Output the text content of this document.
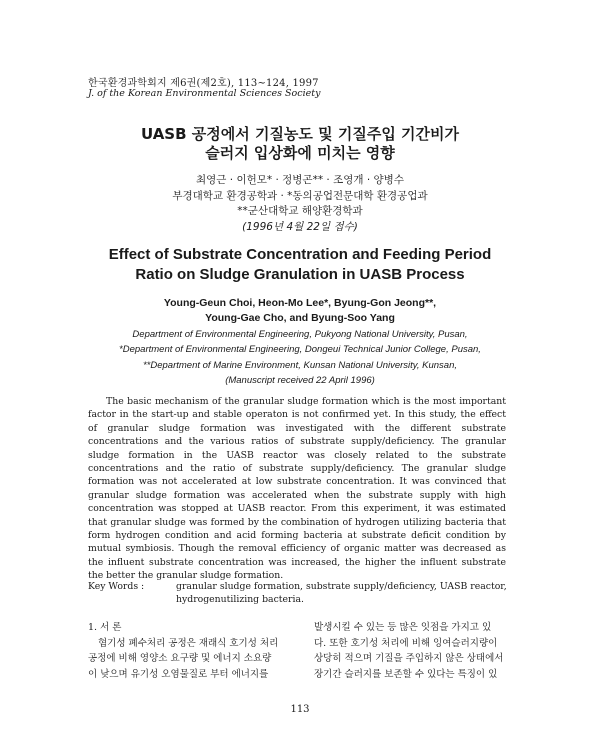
한국환경과학회지 제6권(제2호), 113∼124, 1997
J. of the Korean Environmental Sciences Society
UASB 공정에서 기질농도 및 기질주입 기간비가
슬러지 입상화에 미치는 영향
최영근 · 이헌모* · 정병곤** · 조영개 · 양병수
부경대학교 환경공학과 · *동의공업전문대학 환경공업과
**군산대학교 해양환경학과
(1996년 4월 22일 접수)
Effect of Substrate Concentration and Feeding Period
Ratio on Sludge Granulation in UASB Process
Young-Geun Choi, Heon-Mo Lee*, Byung-Gon Jeong**,
Young-Gae Cho, and Byung-Soo Yang
Department of Environmental Engineering, Pukyong National University, Pusan,
*Department of Environmental Engineering, Dongeui Technical Junior College, Pusan,
**Department of Marine Environment, Kunsan National University, Kunsan,
(Manuscript received 22 April 1996)

The basic mechanism of the granular sludge formation which is the most important factor in the start-up and stable operaton is not confirmed yet. In this study, the effect of granular sludge formation was investigated with the different substrate concentrations and the various ratios of substrate supply/deficiency. The granular sludge formation in the UASB reactor was closely related to the substrate concentrations and the ratio of substrate supply/deficiency. The granular sludge formation was not accelerated at low substrate concentration. It was convinced that granular sludge formation was accelerated when the substrate supply with high concentration was stopped at UASB reactor. From this experiment, it was estimated that granular sludge was formed by the combination of hydrogen utilizing bacteria that form hydrogen condition and acid forming bacteria at substrate deficit condition by mutual symbiosis. Though the removal efficiency of organic matter was decreased as the influent substrate concentration was increased, the higher the influent substrate the better the granular sludge formation.

Key Words :	granular sludge formation, substrate supply/deficiency, UASB reactor, hydrogenutilizing bacteria.

1. 서 론

혐기성 폐수처리 공정은 재래식 호기성 처리

공정에 비해 영양소 요구량 및 에너지 소요량

이 낮으며 유기성 오염물질로 부터 에너지를

발생시킬 수 있는 등 많은 잇점을 가지고 있

다. 또한 호기성 처리에 비해 잉여슬러지량이

상당히 적으며 기질을 주입하지 않은 상태에서

장기간 슬러지를 보존할 수 있다는 특징이 있

113
